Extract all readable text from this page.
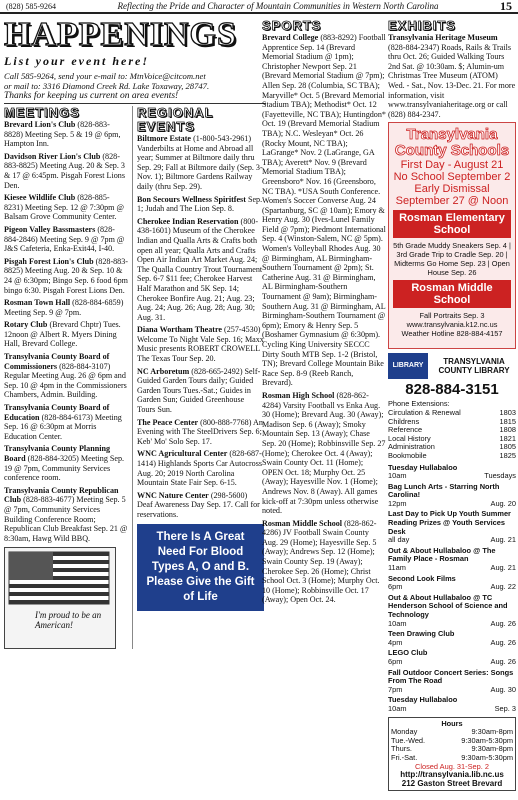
(828) 585-9264	Reflecting the Pride and Character of Mountain Communities in Western North Carolina	15
HAPPENINGS
List your event here!
Call 585-9264, send your e-mail to: MtnVoice@citcom.net
or mail to: 3316 Diamond Creek Rd. Lake Toxaway, 28747.
Thanks for keeping us current on area events!
MEETINGS
Brevard Lion's Club (828-883-8828) Meeting Sep. 5 & 19 @ 6pm, Hampton Inn.
Davidson River Lion's Club (828-883-8825) Meeting Aug. 20 & Sep. 3 & 17 @ 6:45pm. Pisgah Forest Lions Den.
Kiesee Wildlife Club (828-885-8231) Meeting Sep. 12 @ 7:30pm @ Balsam Grove Community Center.
Pigeon Valley Bassmasters (828-884-2846) Meeting Sep. 9 @ 7pm @ J&S Cafeteria, Enka-Exit44, I-40.
Pisgah Forest Lion's Club (828-883-8825) Meeting Aug. 20 & Sep. 10 & 24 @ 6:30pm; Bingo Sep. 6 food 6pm bingo 6:30. Pisgah Forest Lions Den.
Rosman Town Hall (828-884-6859) Meeting Sep. 9 @ 7pm.
Rotary Club (Brevard Chptr) Tues. 12noon @ Albert R. Myers Dining Hall, Brevard College.
Transylvania County Board of Commissioners (828-884-3107) Regular Meeting Aug. 26 @ 6pm and Sep. 10 @ 4pm in the Commissioners Chambers, Admin. Building.
Transylvania County Board of Education (828-884-6173) Meeting Sep. 16 @ 6:30pm at Morris Education Center.
Transylvania County Planning Board (828-884-3205) Meeting Sep. 19 @ 7pm, Community Services conference room.
Transylvania County Republican Club (828-883-4677) Meeting Sep. 5 @ 7pm, Community Services Building Conference Room; Republican Club Breakfast Sep. 21 @ 8:30am, Hawg Wild BBQ.
I'm proud to be an American!
REGIONAL EVENTS
Biltmore Estate (1-800-543-2961) Vanderbilts at Home and Abroad all year; Summer at Biltmore daily thru Sep. 29; Fall at Biltmore daily (Sep. 3-Nov. 1); Biltmore Gardens Railway daily (thru Sep. 29).
Bon Secours Wellness Spiritfest Sep. 1; Judah and The Lion Sep. 8.
Cherokee Indian Reservation (800-438-1601) Museum of the Cherokee Indian and Qualla Arts & Crafts both open all year; Qualla Arts and Crafts Open Air Indian Art Market Aug. 24; The Qualla Country Trout Tournament Sep. 6-7 $11 fee; Cherokee Harvest Half Marathon and 5K Sep. 14; Cherokee Bonfire Aug. 21; Aug. 23; Aug. 24; Aug. 26; Aug. 28; Aug. 30; Aug. 31.
Diana Wortham Theatre (257-4530) Welcome To Night Vale Sep. 16; Maxx Music presents ROBERT CROWELL The Texas Tour Sep. 20.
NC Arboretum (828-665-2492) Self-Guided Garden Tours daily; Guided Garden Tours Tues.-Sat.; Guides in Garden Sun; Guided Greenhouse Tours Sun.
The Peace Center (800-888-7768) An Evening with The SteelDrivers Sep. 6; Keb' Mo' Solo Sep. 17.
WNC Agricultural Center (828-687-1414) Highlands Sports Car Autocross Aug. 20; 2019 North Carolina Mountain State Fair Sep. 6-15.
WNC Nature Center (298-5600) Deaf Awareness Day Sep. 17. Call for reservations.
There Is A Great Need For Blood Types A, O and B. Please Give the Gift of Life
SPORTS
Brevard College (883-8292) Football Apprentice Sep. 14 (Brevard Memorial Stadium @ 1pm); Christopher Newport Sep. 21 (Brevard Memorial Stadium @ 7pm); Allen Sep. 28 (Columbia, SC TBA); Maryville* Oct. 5 (Brevard Memorial Stadium TBA); Methodist* Oct. 12 (Fayetteville, NC TBA); Huntingdon* Oct. 19 (Brevard Memorial Stadium TBA); N.C. Wesleyan* Oct. 26 (Rocky Mount, NC TBA); LaGrange* Nov. 2 (LaGrange, GA TBA); Averett* Nov. 9 (Brevard Memorial Stadium TBA); Greensboro* Nov. 16 (Greensboro, NC TBA). *USA South Conference. Women's Soccer Converse Aug. 24 (Spartanburg, SC @ 10am); Emory & Henry Aug. 30 (Ives-Lunel Family Field @ 7pm); Piedmont International Sep. 4 (Winston-Salem, NC @ 5pm). Women's Volleyball Rhodes Aug. 30 @ Birmingham, AL Birmingham-Southern Tournament @ 2pm); St. Catherine Aug. 31 @ Birmingham, AL Birmingham-Southern Tournament @ 9am); Birmingham-Southern Aug. 31 @ Birmingham, AL Birmingham-Southern Tournament @ 6pm); Emory & Henry Sep. 5 (Boshamer Gymnasium @ 6:30pm). Cycling King University SECCC Dirty South MTB Sep. 1-2 (Bristol, TN); Brevard College Mountain Bike Race Sep. 8-9 (Reeb Ranch, Brevard).
Rosman High School (828-862-4284) Varsity Football vs Enka Aug. 30 (Home); Brevard Aug. 30 (Away); Madison Sep. 6 (Away); Smoky Mountain Sep. 13 (Away); Chase Sep. 20 (Home); Robbinsville Sep. 27 (Home); Cherokee Oct. 4 (Away); Swain County Oct. 11 (Home); OPEN Oct. 18; Murphy Oct. 25 (Away); Hayesville Nov. 1 (Home); Andrews Nov. 8 (Away). All games kick-off at 7:30pm unless otherwise noted.
Rosman Middle School (828-862-4286) JV Football Swain County Aug. 29 (Home); Hayesville Sep. 5 (Away); Andrews Sep. 12 (Home); Swain County Sep. 19 (Away); Cherokee Sep. 26 (Home); Christ School Oct. 3 (Home); Murphy Oct. 10 (Home); Robbinsville Oct. 17 (Away); Open Oct. 24.
EXHIBITS
Transylvania Heritage Museum (828-884-2347) Roads, Rails & Trails thru Oct. 26; Guided Walking Tours 2nd Sat. @ 10:30am. $; Alumin-um Christmas Tree Museum (ATOM) Wed. - Sat., Nov. 13-Dec. 21. For more information, visit www.transylvaniaheritage.org or call (828) 884-2347.
Transylvania County Schools
First Day - August 21
No School September 2
Early Dismissal September 27 @ Noon
Rosman Elementary School
5th Grade Muddy Sneakers Sep. 4 | 3rd Grade Trip to Cradle Sep. 20 | Midterms Go Home Sep. 23 | Open House Sep. 26
Rosman Middle School
Fall Portraits Sep. 3
www.transylvania.k12.nc.us
Weather Hotline 828-884-4157
LIBRARY	TRANSYLVANIA COUNTY LIBRARY
828-884-3151
Phone Extensions:
Circulation & Renewal	1803
Childrens	1815
Reference	1808
Local History	1821
Administration	1805
Bookmobile	1825
Tuesday Hullabaloo
10am	Tuesdays
Bag Lunch Arts - Starring North Carolina!
12pm	Aug. 20
Last Day to Pick Up Youth Summer Reading Prizes @ Youth Services Desk
all day	Aug. 21
Out & About Hullabaloo @ The Family Place - Rosman
11am	Aug. 21
Second Look Films
6pm	Aug. 22
Out & About Hullabaloo @ TC Henderson School of Science and Technology
10am	Aug. 26
Teen Drawing Club
4pm	Aug. 26
LEGO Club
6pm	Aug. 26
Fall Outdoor Concert Series: Songs From The Road
7pm	Aug. 30
Tuesday Hullabaloo
10am	Sep. 3
Hours
Monday	9:30am-8pm
Tue.-Wed.	9:30am-5:30pm
Thurs.	9:30am-8pm
Fri.-Sat.	9:30am-5:30pm
Closed Aug. 31-Sep. 2
http://transylvania.lib.nc.us
212 Gaston Street Brevard
